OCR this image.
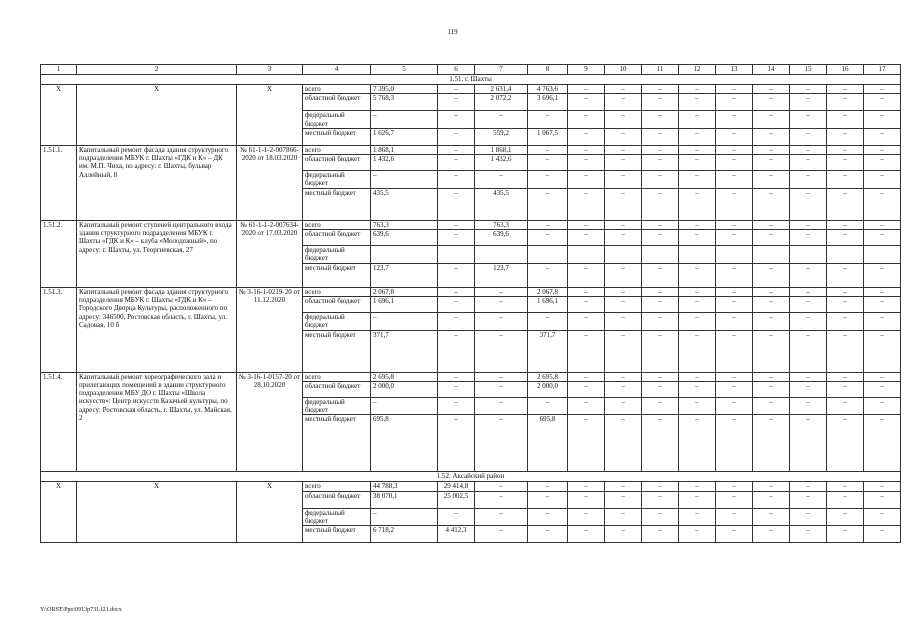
119
1	2	3	4	5	6	7	8	9	10	11	12	13	14	15	16	17
1.51. г. Шахты																
Х	Х	Х	всего	7 395,0	–	2 631,4	4 763,6	–	–	–	–	–	–	–	–	–
			областной бюджет	5 768,3	–	2 072,2	3 696,1	–	–	–	–	–	–	–	–	–
			федеральный бюджет	–	–	–	–	–	–	–	–	–	–	–	–	–
			местный бюджет	1 626,7	–	559,2	1 067,5	–	–	–	–	–	–	–	–	–
1.51.1.	Капитальный ремонт фасада здания структурного подразделения МБУК г. Шахты «ГДК и К» – ДК им. М.П. Чиха, по адресу: г. Шахты, бульвар Аллейный, 8	№ 61-1-1-2-007866-2020 от 18.03.2020	всего	1 868,1	–	1 868,1	–	–	–	–	–	–	–	–	–	–
			областной бюджет	1 432,6	–	1 432,6	–	–	–	–	–	–	–	–	–	–
			федеральный бюджет	–	–	–	–	–	–	–	–	–	–	–	–	–
			местный бюджет	435,5	–	435,5	–	–	–	–	–	–	–	–	–	–
1.51.2.	Капитальный ремонт ступеней центрального входа здания структурного подразделения МБУК г. Шахты «ГДК и К» – клуба «Молодежный», по адресу: г. Шахты, ул. Георгиевская, 27	№ 61-1-1-2-007634-2020 от 17.03.2020	всего	763,3	–	763,3	–	–	–	–	–	–	–	–	–	–
			областной бюджет	639,6	–	639,6	–	–	–	–	–	–	–	–	–	–
			федеральный бюджет													
			местный бюджет	123,7	–	123,7	–	–	–	–	–	–	–	–	–	–
1.51.3.	Капитальный ремонт фасада здания структурного подразделения МБУК г. Шахты «ГДК и К» – Городского Дворца Культуры, расположенного по адресу: 346500, Ростовская область, г. Шахты, ул. Садовая, 10 б	№ 3-16-1-0219-20 от 11.12.2020	всего	2 067,8	–	–	2 067,8	–	–	–	–	–	–	–	–	–
			областной бюджет	1 696,1	–	–	1 696,1	–	–	–	–	–	–	–	–	–
			федеральный бюджет	–	–	–	–	–	–	–	–	–	–	–	–	–
			местный бюджет	371,7	–	–	371,7	–	–	–	–	–	–	–	–	–
1.51.4.	Капитальный ремонт хореографического зала и прилегающих помещений в здании структурного подразделения МБУ ДО г. Шахты «Школа искусств»: Центр искусств Казачьей культуры, по адресу: Ростовская область, г. Шахты, ул. Майская, 2	№ 3-16-1-0157-20 от 28.10.2020	всего	2 695,8	–	–	2 695,8	–	–	–	–	–	–	–	–	–
			областной бюджет	2 000,0	–	–	2 000,0	–	–	–	–	–	–	–	–	–
			федеральный бюджет	–	–	–	–	–	–	–	–	–	–	–	–	–
			местный бюджет	695,8	–	–	695,8	–	–	–	–	–	–	–	–	–
1.52. Аксайский район																
Х	Х	Х	всего	44 788,3	29 414,8	–	–	–	–	–	–	–	–	–	–	–
			областной бюджет	38 070,1	25 002,5	–	–	–	–	–	–	–	–	–	–	–
			федеральный бюджет	–	–	–	–	–	–	–	–	–	–	–	–	–
			местный бюджет	6 718,2	4 412,3	–	–	–	–	–	–	–	–	–	–	–
Y:\ORST\Ppo\0913p731.f21.docx
